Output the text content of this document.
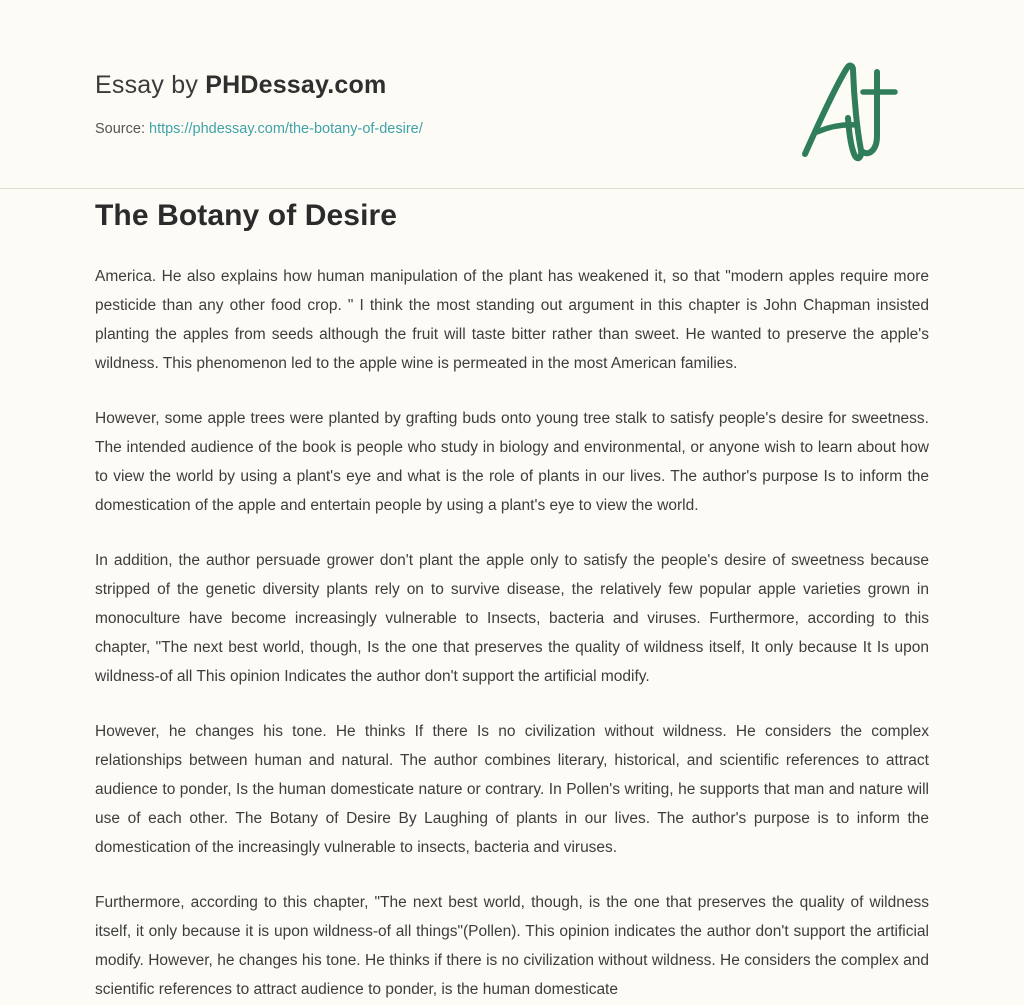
Essay by PHDessay.com
Source: https://phdessay.com/the-botany-of-desire/
The Botany of Desire

America. He also explains how human manipulation of the plant has weakened it, so that "modern apples require more pesticide than any other food crop. " I think the most standing out argument in this chapter is John Chapman insisted planting the apples from seeds although the fruit will taste bitter rather than sweet. He wanted to preserve the apple's wildness. This phenomenon led to the apple wine is permeated in the most American families.

However, some apple trees were planted by grafting buds onto young tree stalk to satisfy people's desire for sweetness. The intended audience of the book is people who study in biology and environmental, or anyone wish to learn about how to view the world by using a plant's eye and what is the role of plants in our lives. The author's purpose Is to inform the domestication of the apple and entertain people by using a plant's eye to view the world.

In addition, the author persuade grower don't plant the apple only to satisfy the people's desire of sweetness because stripped of the genetic diversity plants rely on to survive disease, the relatively few popular apple varieties grown in monoculture have become increasingly vulnerable to Insects, bacteria and viruses. Furthermore, according to this chapter, "The next best world, though, Is the one that preserves the quality of wildness itself, It only because It Is upon wildness-of all This opinion Indicates the author don't support the artificial modify.

However, he changes his tone. He thinks If there Is no civilization without wildness. He considers the complex relationships between human and natural. The author combines literary, historical, and scientific references to attract audience to ponder, Is the human domesticate nature or contrary. In Pollen's writing, he supports that man and nature will use of each other. The Botany of Desire By Laughing of plants in our lives. The author's purpose is to inform the domestication of the increasingly vulnerable to insects, bacteria and viruses.

Furthermore, according to this chapter, "The next best world, though, is the one that preserves the quality of wildness itself, it only because it is upon wildness-of all things"(Pollen). This opinion indicates the author don't support the artificial modify. However, he changes his tone. He thinks if there is no civilization without wildness. He considers the complex and scientific references to attract audience to ponder, is the human domesticate
